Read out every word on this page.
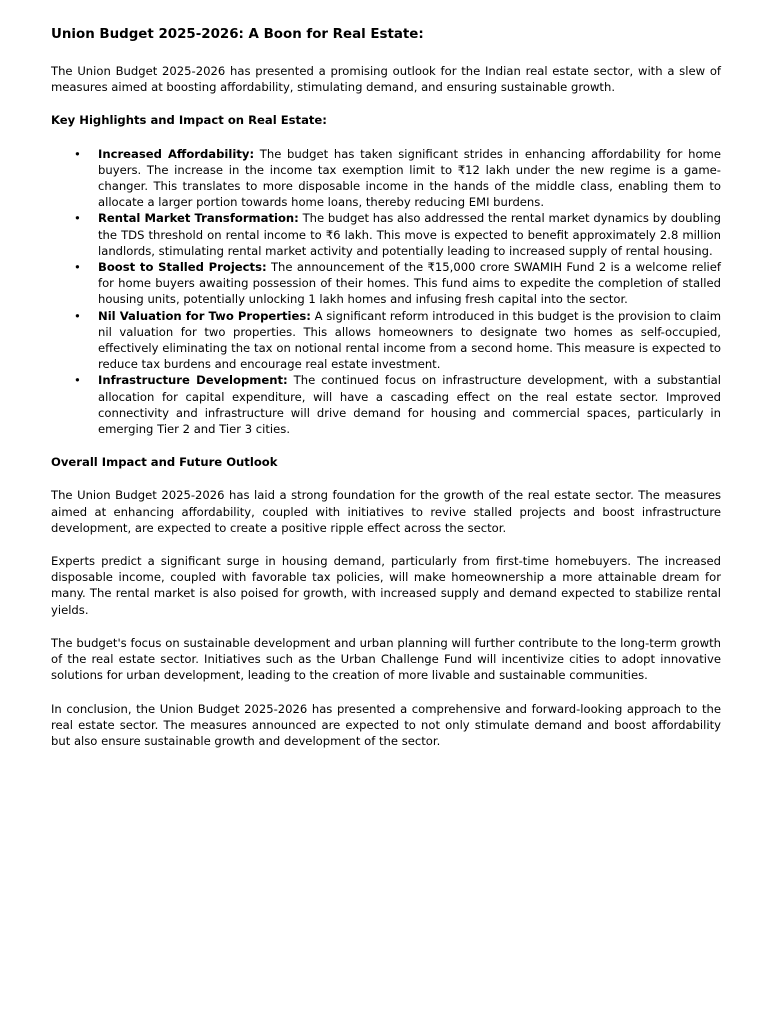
Union Budget 2025-2026: A Boon for Real Estate:

The Union Budget 2025-2026 has presented a promising outlook for the Indian real estate sector, with a slew of measures aimed at boosting affordability, stimulating demand, and ensuring sustainable growth.

Key Highlights and Impact on Real Estate:

• Increased Affordability: The budget has taken significant strides in enhancing affordability for home buyers. The increase in the income tax exemption limit to ₹12 lakh under the new regime is a game-changer. This translates to more disposable income in the hands of the middle class, enabling them to allocate a larger portion towards home loans, thereby reducing EMI burdens.
• Rental Market Transformation: The budget has also addressed the rental market dynamics by doubling the TDS threshold on rental income to ₹6 lakh. This move is expected to benefit approximately 2.8 million landlords, stimulating rental market activity and potentially leading to increased supply of rental housing.
• Boost to Stalled Projects: The announcement of the ₹15,000 crore SWAMIH Fund 2 is a welcome relief for home buyers awaiting possession of their homes. This fund aims to expedite the completion of stalled housing units, potentially unlocking 1 lakh homes and infusing fresh capital into the sector.
• Nil Valuation for Two Properties: A significant reform introduced in this budget is the provision to claim nil valuation for two properties. This allows homeowners to designate two homes as self-occupied, effectively eliminating the tax on notional rental income from a second home. This measure is expected to reduce tax burdens and encourage real estate investment.
• Infrastructure Development: The continued focus on infrastructure development, with a substantial allocation for capital expenditure, will have a cascading effect on the real estate sector. Improved connectivity and infrastructure will drive demand for housing and commercial spaces, particularly in emerging Tier 2 and Tier 3 cities.

Overall Impact and Future Outlook

The Union Budget 2025-2026 has laid a strong foundation for the growth of the real estate sector. The measures aimed at enhancing affordability, coupled with initiatives to revive stalled projects and boost infrastructure development, are expected to create a positive ripple effect across the sector.

Experts predict a significant surge in housing demand, particularly from first-time homebuyers. The increased disposable income, coupled with favorable tax policies, will make homeownership a more attainable dream for many. The rental market is also poised for growth, with increased supply and demand expected to stabilize rental yields.

The budget's focus on sustainable development and urban planning will further contribute to the long-term growth of the real estate sector. Initiatives such as the Urban Challenge Fund will incentivize cities to adopt innovative solutions for urban development, leading to the creation of more livable and sustainable communities.

In conclusion, the Union Budget 2025-2026 has presented a comprehensive and forward-looking approach to the real estate sector. The measures announced are expected to not only stimulate demand and boost affordability but also ensure sustainable growth and development of the sector.
